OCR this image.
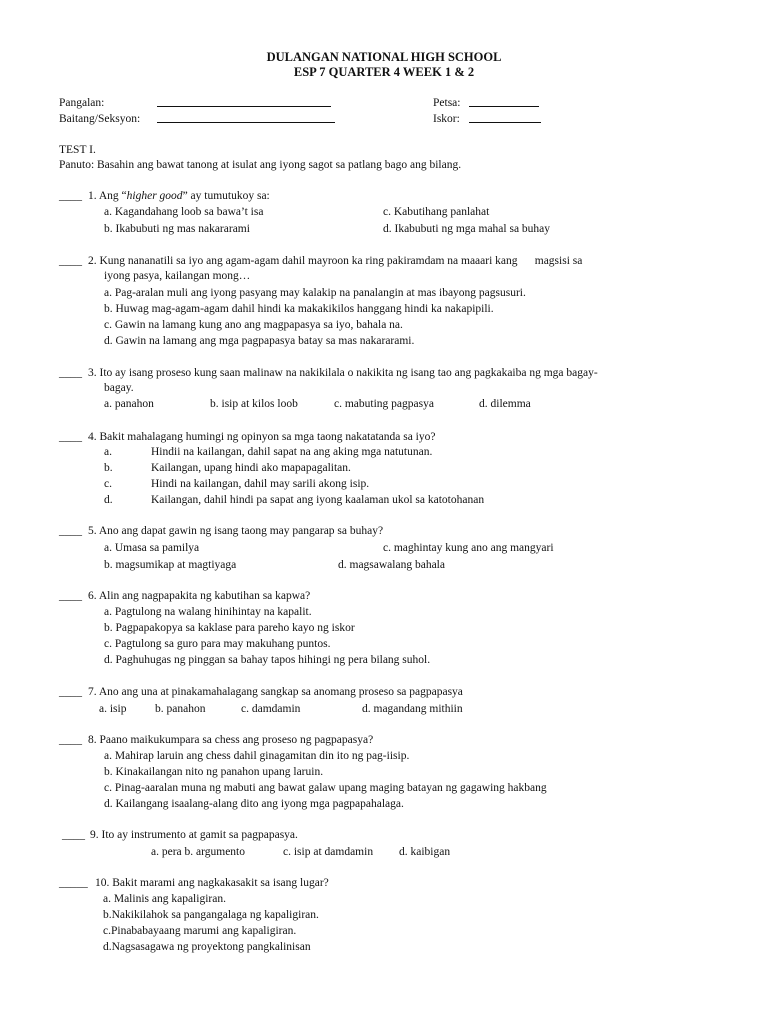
DULANGAN NATIONAL HIGH SCHOOL
ESP 7 QUARTER 4 WEEK 1 & 2
Pangalan:	Petsa:
Baitang/Seksyon:	Iskor:
TEST I.
Panuto: Basahin ang bawat tanong at isulat ang iyong sagot sa patlang bago ang bilang.
____ 1. Ang “higher good” ay tumutukoy sa:
a. Kagandahang loob sa bawa’t isa	c. Kabutihang panlahat
b. Ikabubuti ng mas nakararami	d. Ikabubuti ng mga mahal sa buhay
____ 2. Kung nananatili sa iyo ang agam-agam dahil mayroon ka ring pakiramdam na maaari kang      magsisi sa
iyong pasya, kailangan mong…
a. Pag-aralan muli ang iyong pasyang may kalakip na panalangin at mas ibayong pagsusuri.
b. Huwag mag-agam-agam dahil hindi ka makakikilos hanggang hindi ka nakapipili.
c. Gawin na lamang kung ano ang magpapasya sa iyo, bahala na.
d. Gawin na lamang ang mga pagpapasya batay sa mas nakararami.
____ 3. Ito ay isang proseso kung saan malinaw na nakikilala o nakikita ng isang tao ang pagkakaiba ng mga bagay-
bagay.
a. panahon	b. isip at kilos loob	c. mabuting pagpasya	d. dilemma
____ 4. Bakit mahalagang humingi ng opinyon sa mga taong nakatatanda sa iyo?
a.	Hindii na kailangan, dahil sapat na ang aking mga natutunan.
b.	Kailangan, upang hindi ako mapapagalitan.
c.	Hindi na kailangan, dahil may sarili akong isip.
d.	Kailangan, dahil hindi pa sapat ang iyong kaalaman ukol sa katotohanan
____ 5. Ano ang dapat gawin ng isang taong may pangarap sa buhay?
a. Umasa sa pamilya	c. maghintay kung ano ang mangyari
b. magsumikap at magtiyaga	d. magsawalang bahala
____ 6. Alin ang nagpapakita ng kabutihan sa kapwa?
a. Pagtulong na walang hinihintay na kapalit.
b. Pagpapakopya sa kaklase para pareho kayo ng iskor
c. Pagtulong sa guro para may makuhang puntos.
d. Paghuhugas ng pinggan sa bahay tapos hihingi ng pera bilang suhol.
____ 7. Ano ang una at pinakamahalagang sangkap sa anomang proseso sa pagpapasya
a. isip b. panahon	c. damdamin	d. magandang mithiin
____ 8. Paano maikukumpara sa chess ang proseso ng pagpapasya?
a. Mahirap laruin ang chess dahil ginagamitan din ito ng pag-iisip.
b. Kinakailangan nito ng panahon upang laruin.
c. Pinag-aaralan muna ng mabuti ang bawat galaw upang maging batayan ng gagawing hakbang
d. Kailangang isaalang-alang dito ang iyong mga pagpapahalaga.
____ 9. Ito ay instrumento at gamit sa pagpapasya.
a. pera b. argumento	c. isip at damdamin d. kaibigan
_____ 10. Bakit marami ang nagkakasakit sa isang lugar?
a. Malinis ang kapaligiran.
b.Nakikilahok sa pangangalaga ng kapaligiran.
c.Pinababayaang marumi ang kapaligiran.
d.Nagsasagawa ng proyektong pangkalinisan
